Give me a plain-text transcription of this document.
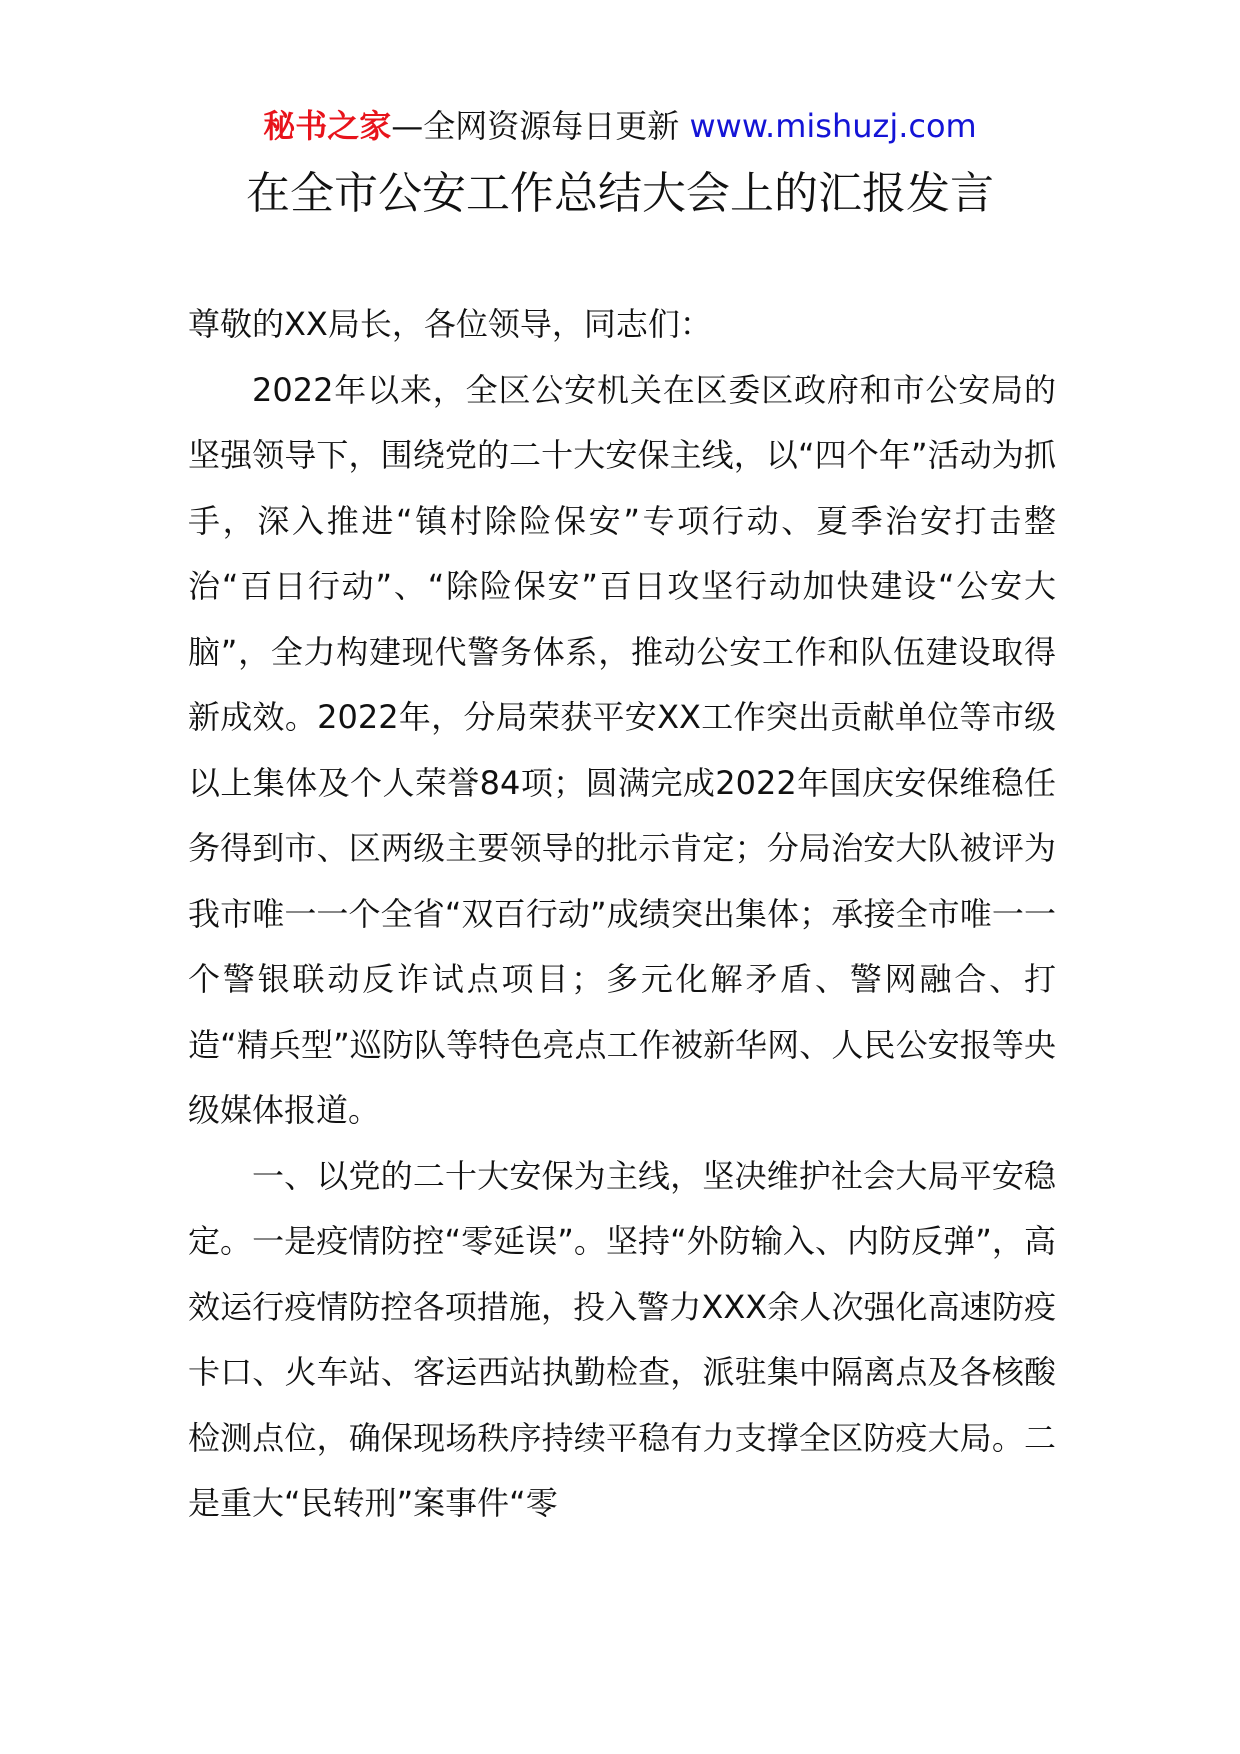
秘书之家—全网资源每日更新 www.mishuzj.com
在全市公安工作总结大会上的汇报发言

尊敬的XX局长，各位领导，同志们：

2022年以来，全区公安机关在区委区政府和市公安局的坚强领导下，围绕党的二十大安保主线，以“四个年”活动为抓手，深入推进“镇村除险保安”专项行动、夏季治安打击整治“百日行动”、“除险保安”百日攻坚行动加快建设“公安大脑”，全力构建现代警务体系，推动公安工作和队伍建设取得新成效。2022年，分局荣获平安XX工作突出贡献单位等市级以上集体及个人荣誉84项；圆满完成2022年国庆安保维稳任务得到市、区两级主要领导的批示肯定；分局治安大队被评为我市唯一一个全省“双百行动”成绩突出集体；承接全市唯一一个警银联动反诈试点项目；多元化解矛盾、警网融合、打造“精兵型”巡防队等特色亮点工作被新华网、人民公安报等央级媒体报道。

一、以党的二十大安保为主线，坚决维护社会大局平安稳定。一是疫情防控“零延误”。坚持“外防输入、内防反弹”，高效运行疫情防控各项措施，投入警力XXX余人次强化高速防疫卡口、火车站、客运西站执勤检查，派驻集中隔离点及各核酸检测点位，确保现场秩序持续平稳有力支撑全区防疫大局。二是重大“民转刑”案事件“零
